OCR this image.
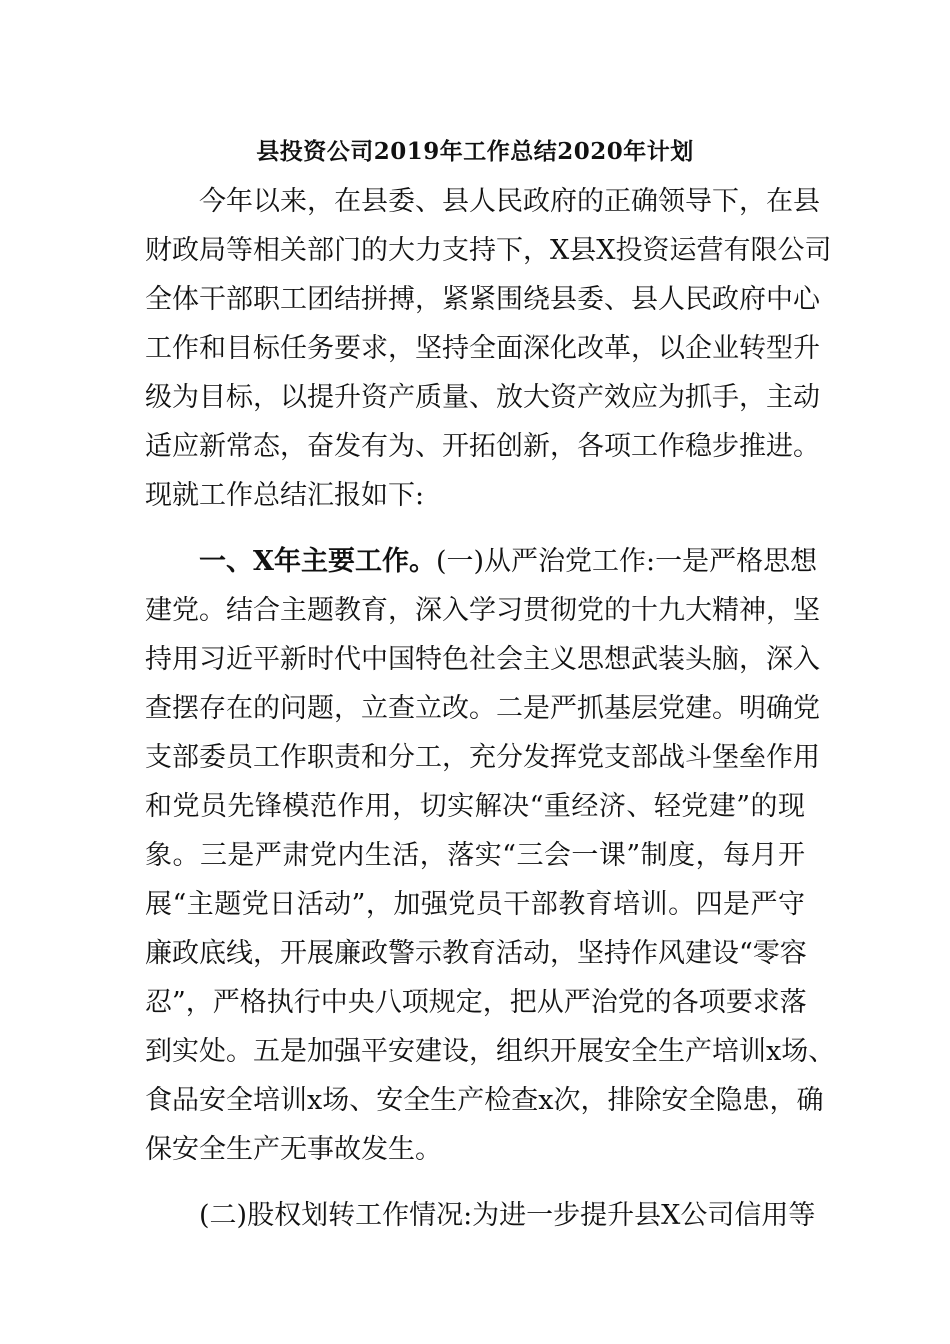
县投资公司2019年工作总结2020年计划
今年以来，在县委、县人民政府的正确领导下，在县
财政局等相关部门的大力支持下，X县X投资运营有限公司
全体干部职工团结拼搏，紧紧围绕县委、县人民政府中心
工作和目标任务要求，坚持全面深化改革，以企业转型升
级为目标，以提升资产质量、放大资产效应为抓手，主动
适应新常态，奋发有为、开拓创新，各项工作稳步推进。
现就工作总结汇报如下:
一、X年主要工作。(一)从严治党工作:一是严格思想
建党。结合主题教育，深入学习贯彻党的十九大精神，坚
持用习近平新时代中国特色社会主义思想武装头脑，深入
查摆存在的问题，立查立改。二是严抓基层党建。明确党
支部委员工作职责和分工，充分发挥党支部战斗堡垒作用
和党员先锋模范作用，切实解决“重经济、轻党建”的现
象。三是严肃党内生活，落实“三会一课”制度，每月开
展“主题党日活动”，加强党员干部教育培训。四是严守
廉政底线，开展廉政警示教育活动，坚持作风建设“零容
忍”，严格执行中央八项规定，把从严治党的各项要求落
到实处。五是加强平安建设，组织开展安全生产培训x场、
食品安全培训x场、安全生产检查x次，排除安全隐患，确
保安全生产无事故发生。
(二)股权划转工作情况:为进一步提升县X公司信用等
